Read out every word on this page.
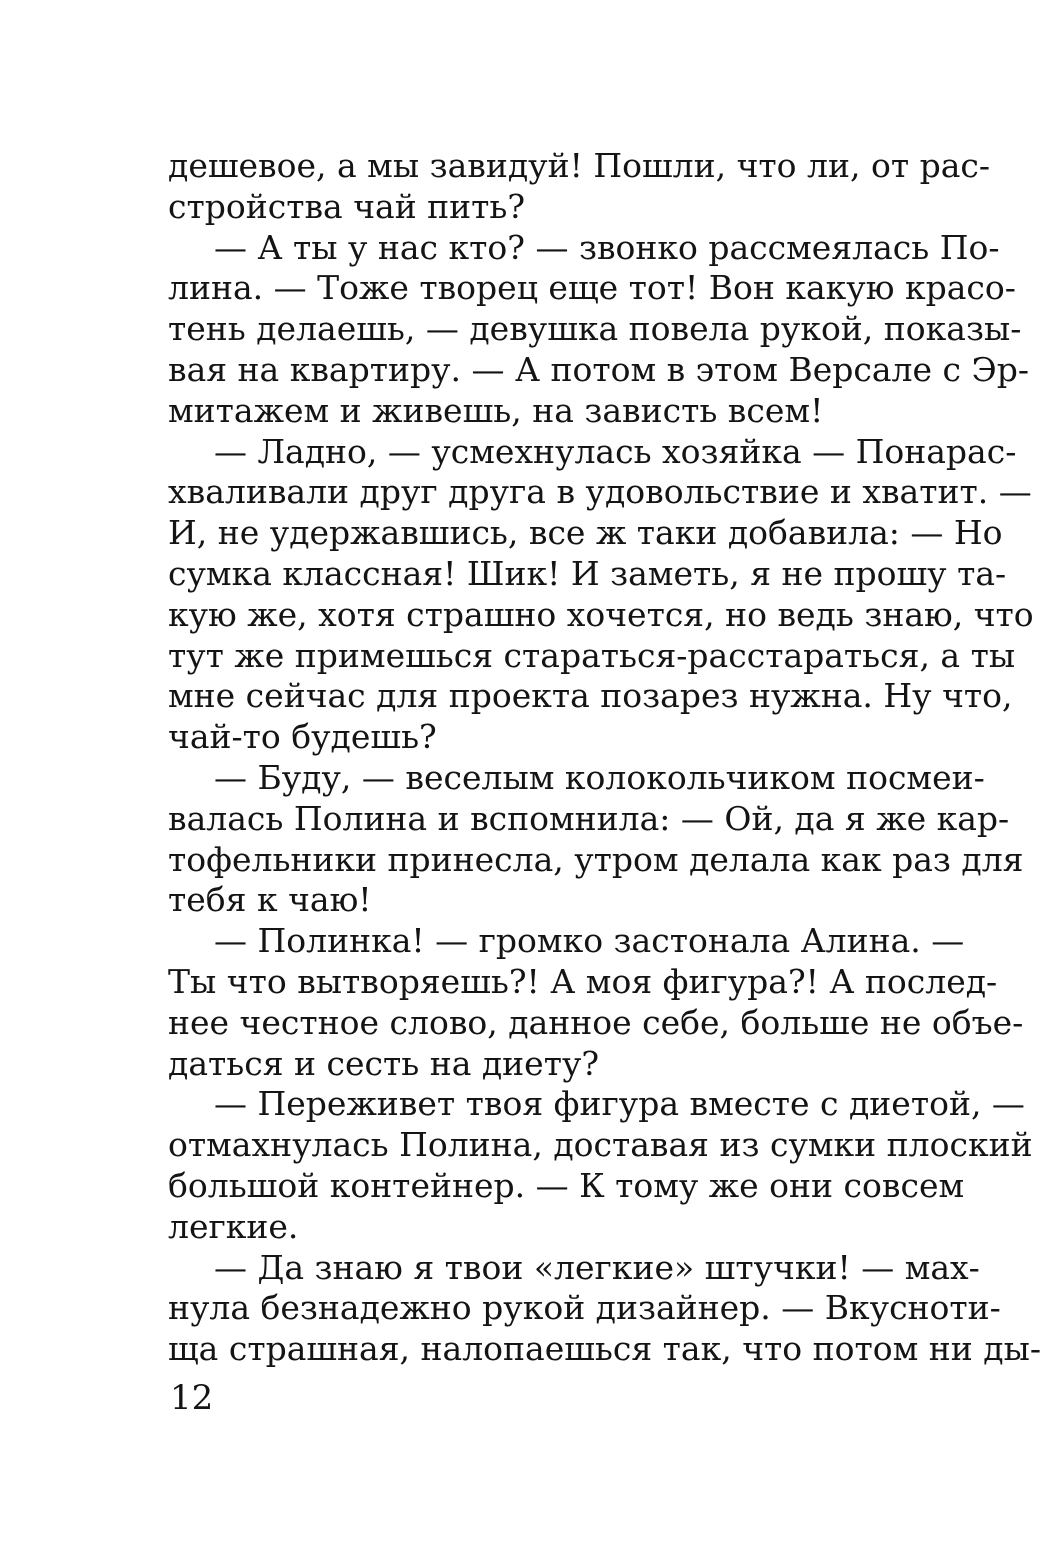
дешевое, а мы завидуй! Пошли, что ли, от рас-
стройства чай пить?
— А ты у нас кто? — звонко рассмеялась По-
лина. — Тоже творец еще тот! Вон какую красо-
тень делаешь, — девушка повела рукой, показы-
вая на квартиру. — А потом в этом Версале с Эр-
митажем и живешь, на зависть всем!
— Ладно, — усмехнулась хозяйка — Понарас-
хваливали друг друга в удовольствие и хватит. —
И, не удержавшись, все ж таки добавила: — Но
сумка классная! Шик! И заметь, я не прошу та-
кую же, хотя страшно хочется, но ведь знаю, что
тут же примешься стараться-расстараться, а ты
мне сейчас для проекта позарез нужна. Ну что,
чай-то будешь?
— Буду, — веселым колокольчиком посмеи-
валась Полина и вспомнила: — Ой, да я же кар-
тофельники принесла, утром делала как раз для
тебя к чаю!
— Полинка! — громко застонала Алина. —
Ты что вытворяешь?! А моя фигура?! А послед-
нее честное слово, данное себе, больше не объе-
даться и сесть на диету?
— Переживет твоя фигура вместе с диетой, —
отмахнулась Полина, доставая из сумки плоский
большой контейнер. — К тому же они совсем
легкие.
— Да знаю я твои «легкие» штучки! — мах-
нула безнадежно рукой дизайнер. — Вкуснoти-
ща страшная, налопаешься так, что потом ни ды-
12
